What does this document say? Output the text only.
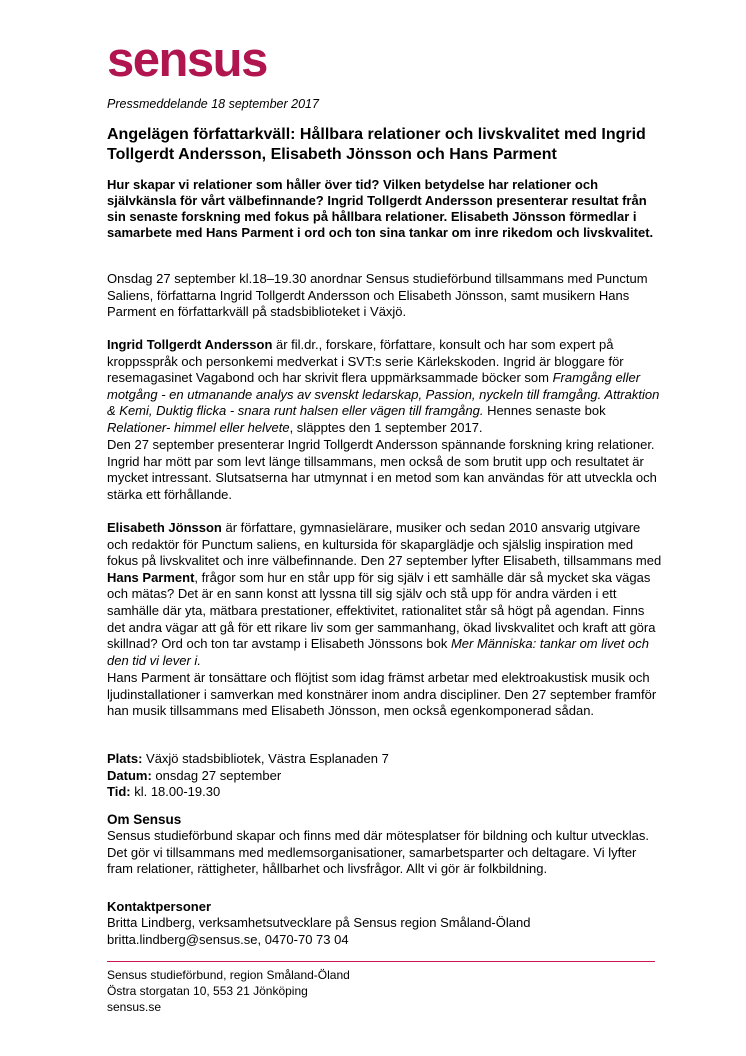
sensus
Pressmeddelande 18 september 2017
Angelägen författarkväll: Hållbara relationer och livskvalitet med Ingrid Tollgerdt Andersson, Elisabeth Jönsson och Hans Parment
Hur skapar vi relationer som håller över tid? Vilken betydelse har relationer och självkänsla för vårt välbefinnande? Ingrid Tollgerdt Andersson presenterar resultat från sin senaste forskning med fokus på hållbara relationer. Elisabeth Jönsson förmedlar i samarbete med Hans Parment i ord och ton sina tankar om inre rikedom och livskvalitet.
Onsdag 27 september kl.18–19.30 anordnar Sensus studieförbund tillsammans med Punctum Saliens, författarna Ingrid Tollgerdt Andersson och Elisabeth Jönsson, samt musikern Hans Parment en författarkväll på stadsbiblioteket i Växjö.
Ingrid Tollgerdt Andersson är fil.dr., forskare, författare, konsult och har som expert på kroppsspråk och personkemi medverkat i SVT:s serie Kärlekskoden. Ingrid är bloggare för resemagasinet Vagabond och har skrivit flera uppmärksammade böcker som Framgång eller motgång - en utmanande analys av svenskt ledarskap, Passion, nyckeln till framgång. Attraktion & Kemi, Duktig flicka - snara runt halsen eller vägen till framgång. Hennes senaste bok Relationer- himmel eller helvete, släpptes den 1 september 2017.
Den 27 september presenterar Ingrid Tollgerdt Andersson spännande forskning kring relationer. Ingrid har mött par som levt länge tillsammans, men också de som brutit upp och resultatet är mycket intressant. Slutsatserna har utmynnat i en metod som kan användas för att utveckla och stärka ett förhållande.
Elisabeth Jönsson är författare, gymnasielärare, musiker och sedan 2010 ansvarig utgivare och redaktör för Punctum saliens, en kultursida för skaparglädje och själslig inspiration med fokus på livskvalitet och inre välbefinnande. Den 27 september lyfter Elisabeth, tillsammans med Hans Parment, frågor som hur en står upp för sig själv i ett samhälle där så mycket ska vägas och mätas? Det är en sann konst att lyssna till sig själv och stå upp för andra värden i ett samhälle där yta, mätbara prestationer, effektivitet, rationalitet står så högt på agendan. Finns det andra vägar att gå för ett rikare liv som ger sammanhang, ökad livskvalitet och kraft att göra skillnad? Ord och ton tar avstamp i Elisabeth Jönssons bok Mer Människa: tankar om livet och den tid vi lever i.
Hans Parment är tonsättare och flöjtist som idag främst arbetar med elektroakustisk musik och ljudinstallationer i samverkan med konstnärer inom andra discipliner. Den 27 september framför han musik tillsammans med Elisabeth Jönsson, men också egenkomponerad sådan.
Plats: Växjö stadsbibliotek, Västra Esplanaden 7
Datum: onsdag 27 september
Tid: kl. 18.00-19.30
Om Sensus
Sensus studieförbund skapar och finns med där mötesplatser för bildning och kultur utvecklas. Det gör vi tillsammans med medlemsorganisationer, samarbetsparter och deltagare. Vi lyfter fram relationer, rättigheter, hållbarhet och livsfrågor. Allt vi gör är folkbildning.
Kontaktpersoner
Britta Lindberg, verksamhetsutvecklare på Sensus region Småland-Öland
britta.lindberg@sensus.se, 0470-70 73 04
Sensus studieförbund, region Småland-Öland
Östra storgatan 10, 553 21 Jönköping
sensus.se
